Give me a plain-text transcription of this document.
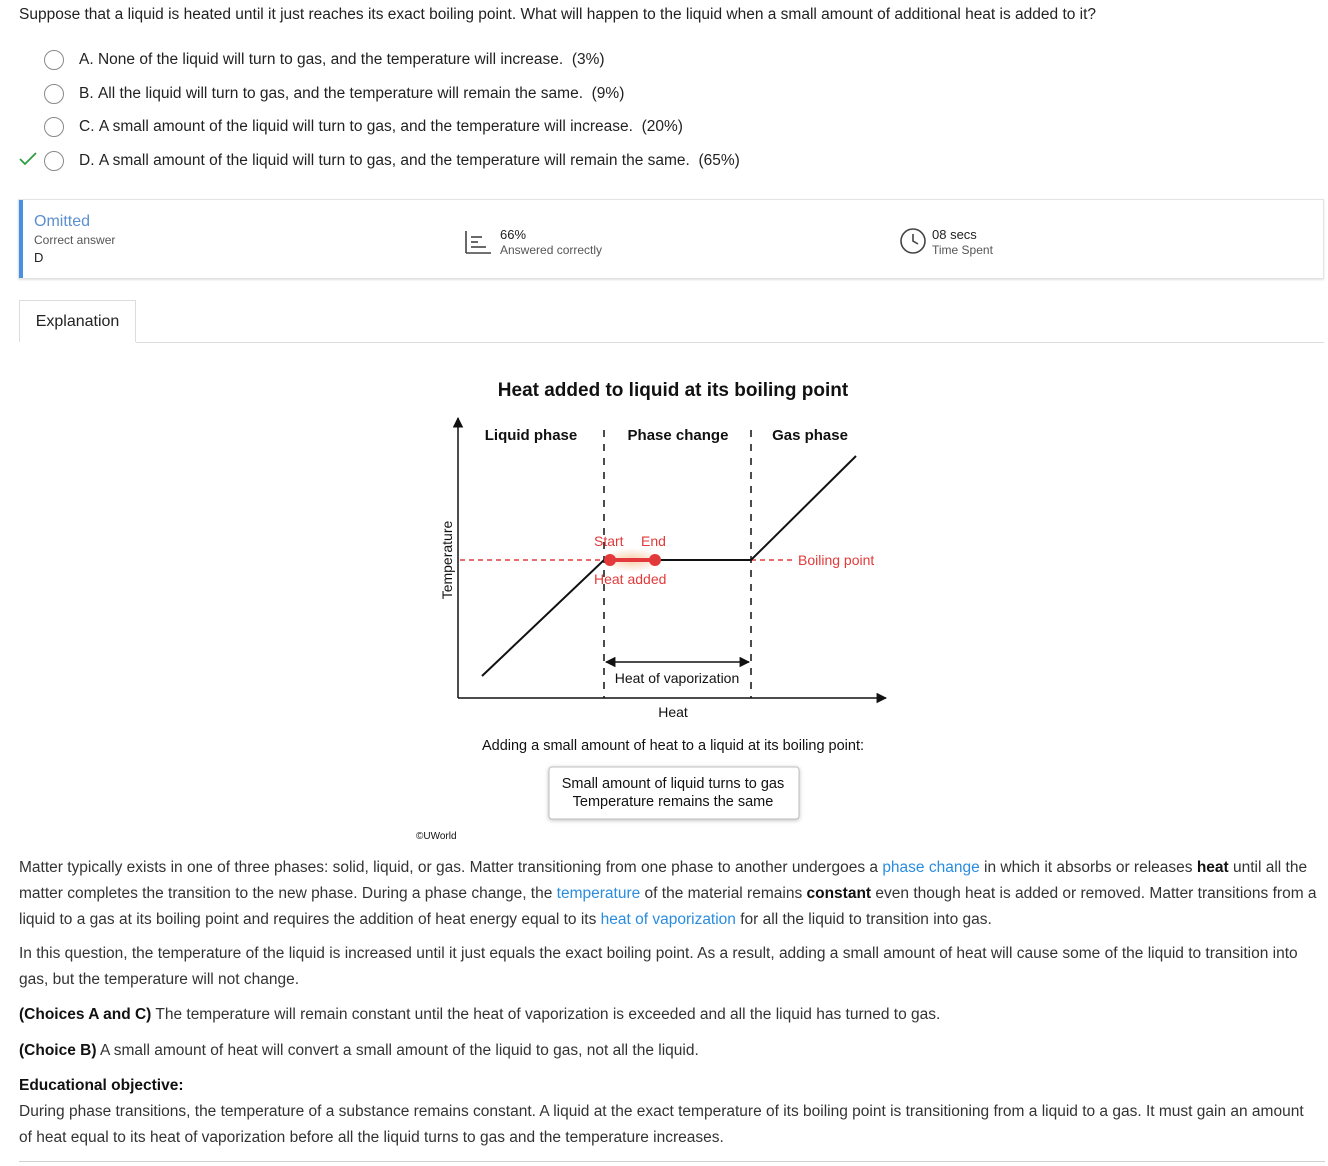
Suppose that a liquid is heated until it just reaches its exact boiling point. What will happen to the liquid when a small amount of additional heat is added to it?
A.
None of the liquid will turn to gas, and the temperature will increase.
(3%)
B.
All the liquid will turn to gas, and the temperature will remain the same.
(9%)
C.
A small amount of the liquid will turn to gas, and the temperature will increase.
(20%)
D.
A small amount of the liquid will turn to gas, and the temperature will remain the same.
(65%)
Omitted
Correct answer
D
66%
Answered correctly
08 secs
Time Spent
Explanation
Heat added to liquid at its boiling point
Liquid phase	Phase change	Gas phase
Boiling point
Start End
Heat added
Heat of vaporization
Heat
Temperature
Adding a small amount of heat to a liquid at its boiling point:
Small amount of liquid turns to gas
Temperature remains the same
©UWorld
Matter typically exists in one of three phases: solid, liquid, or gas. Matter transitioning from one phase to another undergoes a phase change in which it absorbs or releases heat until all the matter completes the transition to the new phase. During a phase change, the temperature of the material remains constant even though heat is added or removed. Matter transitions from a liquid to a gas at its boiling point and requires the addition of heat energy equal to its heat of vaporization for all the liquid to transition into gas.
In this question, the temperature of the liquid is increased until it just equals the exact boiling point. As a result, adding a small amount of heat will cause some of the liquid to transition into gas, but the temperature will not change.
(Choices A and C) The temperature will remain constant until the heat of vaporization is exceeded and all the liquid has turned to gas.
(Choice B) A small amount of heat will convert a small amount of the liquid to gas, not all the liquid.
Educational objective:
During phase transitions, the temperature of a substance remains constant. A liquid at the exact temperature of its boiling point is transitioning from a liquid to a gas. It must gain an amount of heat equal to its heat of vaporization before all the liquid turns to gas and the temperature increases.
